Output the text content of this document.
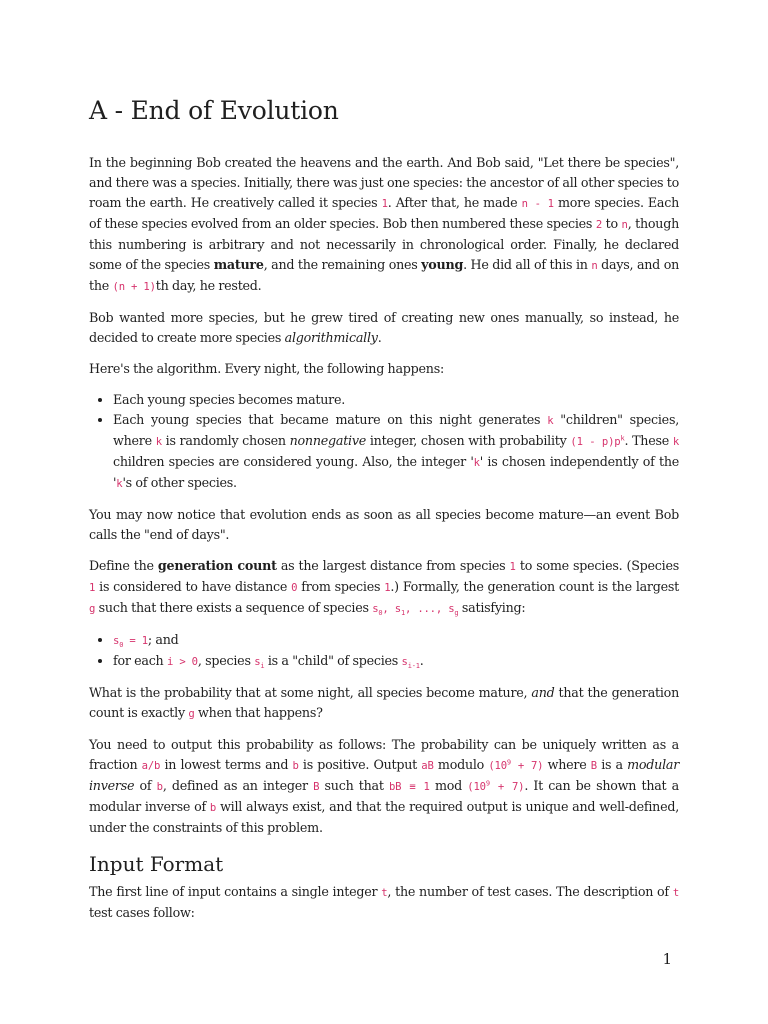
A - End of Evolution

In the beginning Bob created the heavens and the earth. And Bob said, "Let there be species", and there was a species. Initially, there was just one species: the ancestor of all other species to roam the earth. He creatively called it species 1. After that, he made n - 1 more species. Each of these species evolved from an older species. Bob then numbered these species 2 to n, though this numbering is arbitrary and not necessarily in chronological order. Finally, he declared some of the species mature, and the remaining ones young. He did all of this in n days, and on the (n + 1)th day, he rested.

Bob wanted more species, but he grew tired of creating new ones manually, so instead, he decided to create more species algorithmically.

Here's the algorithm. Every night, the following happens:

• Each young species becomes mature.
• Each young species that became mature on this night generates k "children" species, where k is randomly chosen nonnegative integer, chosen with probability $(1 - p)p^k$. These k children species are considered young. Also, the integer 'k' is chosen independently of the 'k's of other species.

You may now notice that evolution ends as soon as all species become mature—an event Bob calls the "end of days".

Define the generation count as the largest distance from species 1 to some species. (Species 1 is considered to have distance 0 from species 1.) Formally, the generation count is the largest g such that there exists a sequence of species $s_0$, $s_1$, ..., $s_g$ satisfying:

• $s_0 = 1$; and
• for each i > 0, species $s_i$ is a "child" of species $s_{i-1}$.

What is the probability that at some night, all species become mature, and that the generation count is exactly g when that happens?

You need to output this probability as follows: The probability can be uniquely written as a fraction a/b in lowest terms and b is positive. Output aB modulo $(10^9 + 7)$ where B is a modular inverse of b, defined as an integer B such that bB ≡ 1 mod $(10^9 + 7)$. It can be shown that a modular inverse of b will always exist, and that the required output is unique and well-defined, under the constraints of this problem.

Input Format

The first line of input contains a single integer t, the number of test cases. The description of t test cases follow:

1
